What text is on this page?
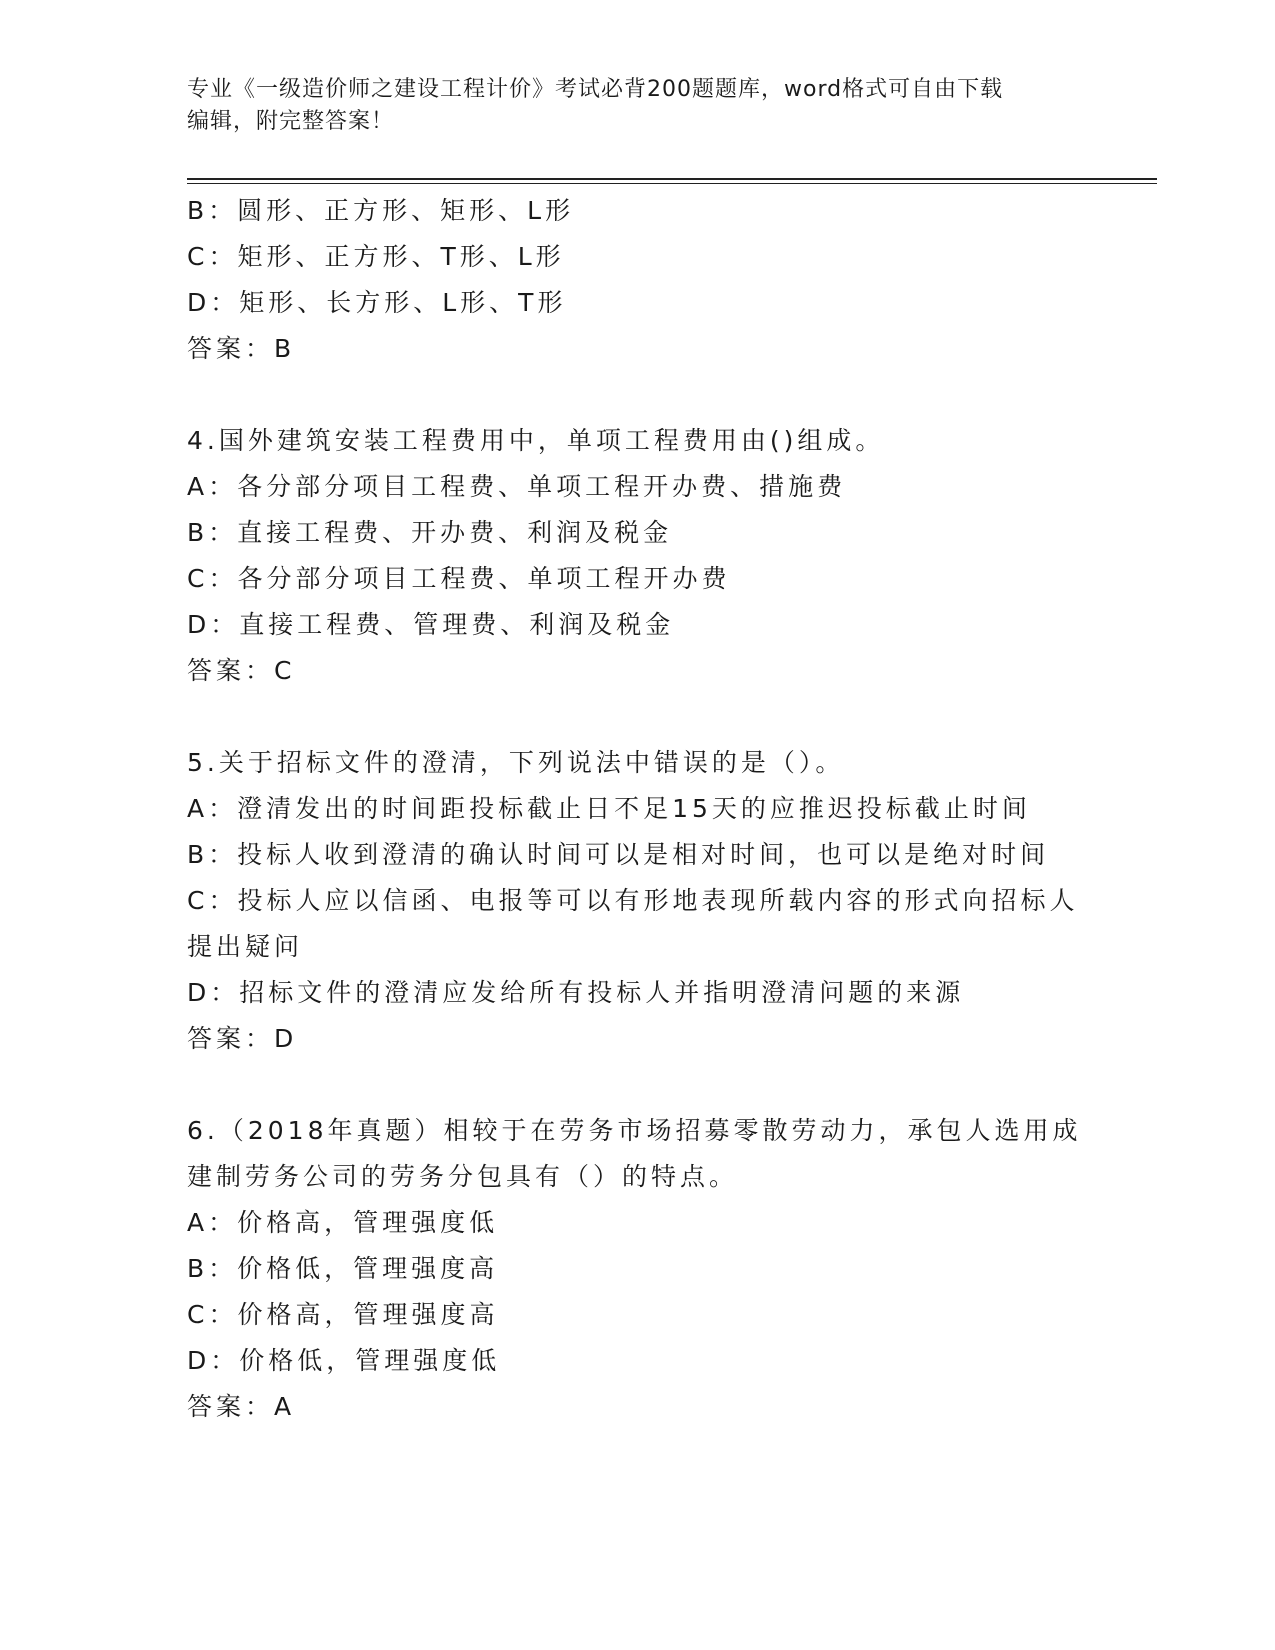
专业《一级造价师之建设工程计价》考试必背200题题库，word格式可自由下载
编辑，附完整答案！
B：圆形、正方形、矩形、L形
C：矩形、正方形、T形、L形
D：矩形、长方形、L形、T形
答案：B
4.国外建筑安装工程费用中，单项工程费用由()组成。
A：各分部分项目工程费、单项工程开办费、措施费
B：直接工程费、开办费、利润及税金
C：各分部分项目工程费、单项工程开办费
D：直接工程费、管理费、利润及税金
答案：C
5.关于招标文件的澄清，下列说法中错误的是（）。
A：澄清发出的时间距投标截止日不足15天的应推迟投标截止时间
B：投标人收到澄清的确认时间可以是相对时间，也可以是绝对时间
C：投标人应以信函、电报等可以有形地表现所载内容的形式向招标人
提出疑问
D：招标文件的澄清应发给所有投标人并指明澄清问题的来源
答案：D
6.（2018年真题）相较于在劳务市场招募零散劳动力，承包人选用成
建制劳务公司的劳务分包具有（）的特点。
A：价格高，管理强度低
B：价格低，管理强度高
C：价格高，管理强度高
D：价格低，管理强度低
答案：A
